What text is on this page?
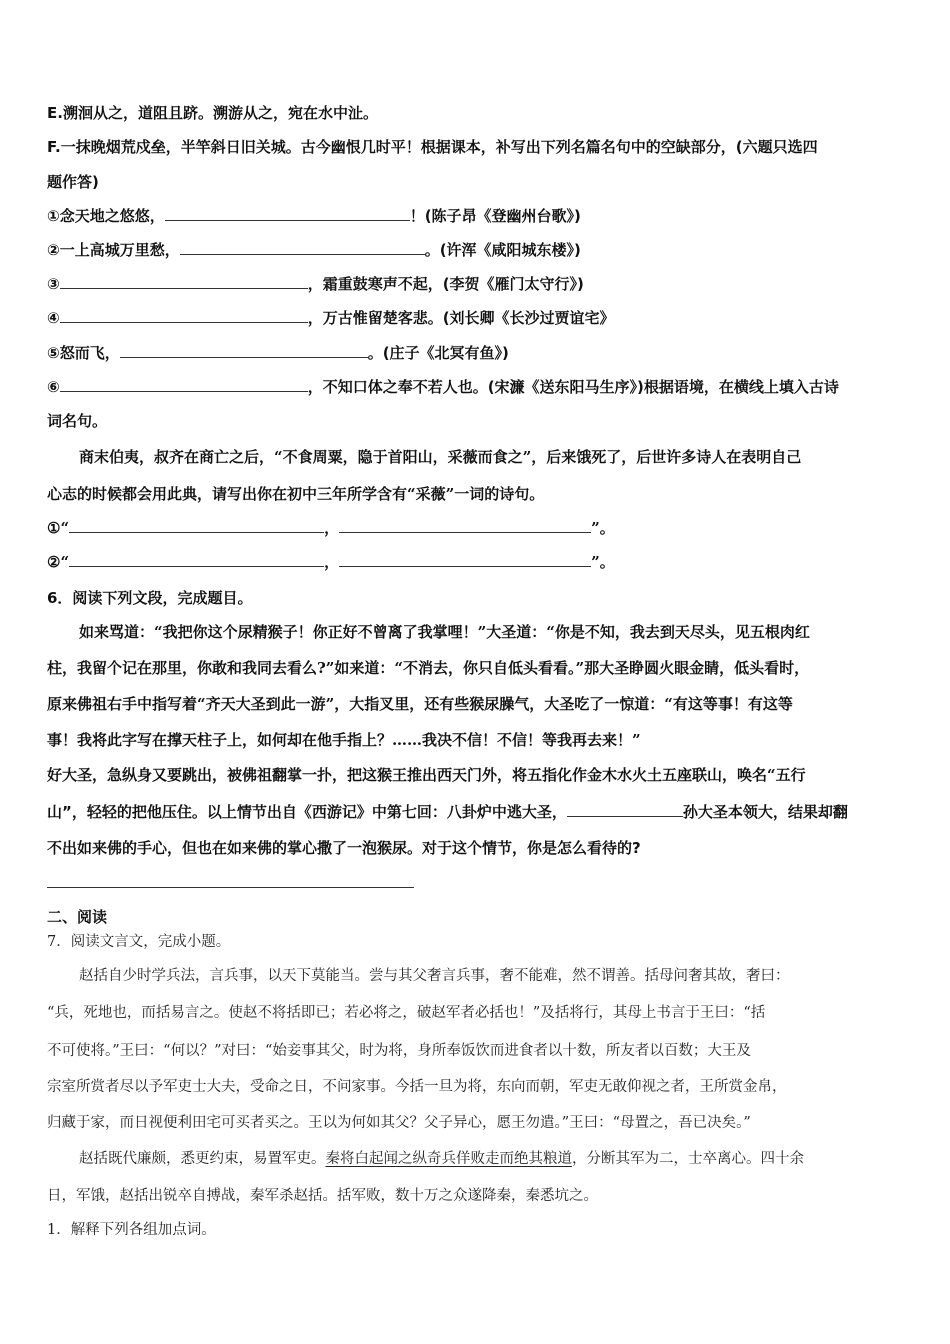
E.溯洄从之，道阻且跻。溯游从之，宛在水中沚。
F.一抹晚烟荒戍垒，半竿斜日旧关城。古今幽恨几时平！根据课本，补写出下列名篇名句中的空缺部分，(六题只选四
题作答)
①念天地之悠悠，	！(陈子昂《登幽州台歌》)
②一上高城万里愁，	。(许浑《咸阳城东楼》)
③	，霜重鼓寒声不起，(李贺《雁门太守行》)
④	，万古惟留楚客悲。(刘长卿《长沙过贾谊宅》
⑤怒而飞，	。(庄子《北冥有鱼》)
⑥	，不知口体之奉不若人也。(宋濂《送东阳马生序》)根据语境，在横线上填入古诗
词名句。
商末伯夷，叔齐在商亡之后，“不食周粟，隐于首阳山，采薇而食之”，后来饿死了，后世许多诗人在表明自己
心志的时候都会用此典，请写出你在初中三年所学含有“采薇”一词的诗句。
①“	，	”。
②“	，	”。
6．阅读下列文段，完成题目。
如来骂道：“我把你这个尿精猴子！你正好不曾离了我掌哩！”大圣道：“你是不知，我去到天尽头，见五根肉红
柱，我留个记在那里，你敢和我同去看么?”如来道：“不消去，你只自低头看看。”那大圣睁圆火眼金睛，低头看时，
原来佛祖右手中指写着“齐天大圣到此一游”，大指叉里，还有些猴尿臊气，大圣吃了一惊道：“有这等事！有这等
事！我将此字写在撑天柱子上，如何却在他手指上？……我决不信！不信！等我再去来！”
好大圣，急纵身又要跳出，被佛祖翻掌一扑，把这猴王推出西天门外，将五指化作金木水火土五座联山，唤名“五行
山”，轻轻的把他压住。以上情节出自《西游记》中第七回：八卦炉中逃大圣，	孙大圣本领大，结果却翻
不出如来佛的手心，但也在如来佛的掌心撒了一泡猴尿。对于这个情节，你是怎么看待的?
二、阅读
7．阅读文言文，完成小题。
赵括自少时学兵法，言兵事，以天下莫能当。尝与其父奢言兵事，奢不能难，然不谓善。括母问奢其故，奢曰：
“兵，死地也，而括易言之。使赵不将括即已；若必将之，破赵军者必括也！”及括将行，其母上书言于王曰：“括
不可使将。”王曰：“何以？”对曰：“始妾事其父，时为将，身所奉饭饮而进食者以十数，所友者以百数；大王及
宗室所赏者尽以予军吏士大夫，受命之日，不问家事。今括一旦为将，东向而朝，军吏无敢仰视之者，王所赏金帛，
归藏于家，而日视便利田宅可买者买之。王以为何如其父？父子异心，愿王勿遣。”王曰：“母置之，吾已决矣。”
赵括既代廉颇，悉更约束，易置军吏。秦将白起闻之纵奇兵佯败走而绝其粮道，分断其军为二，士卒离心。四十余
日，军饿，赵括出锐卒自搏战，秦军杀赵括。括军败，数十万之众遂降秦，秦悉坑之。
1．解释下列各组加点词。
